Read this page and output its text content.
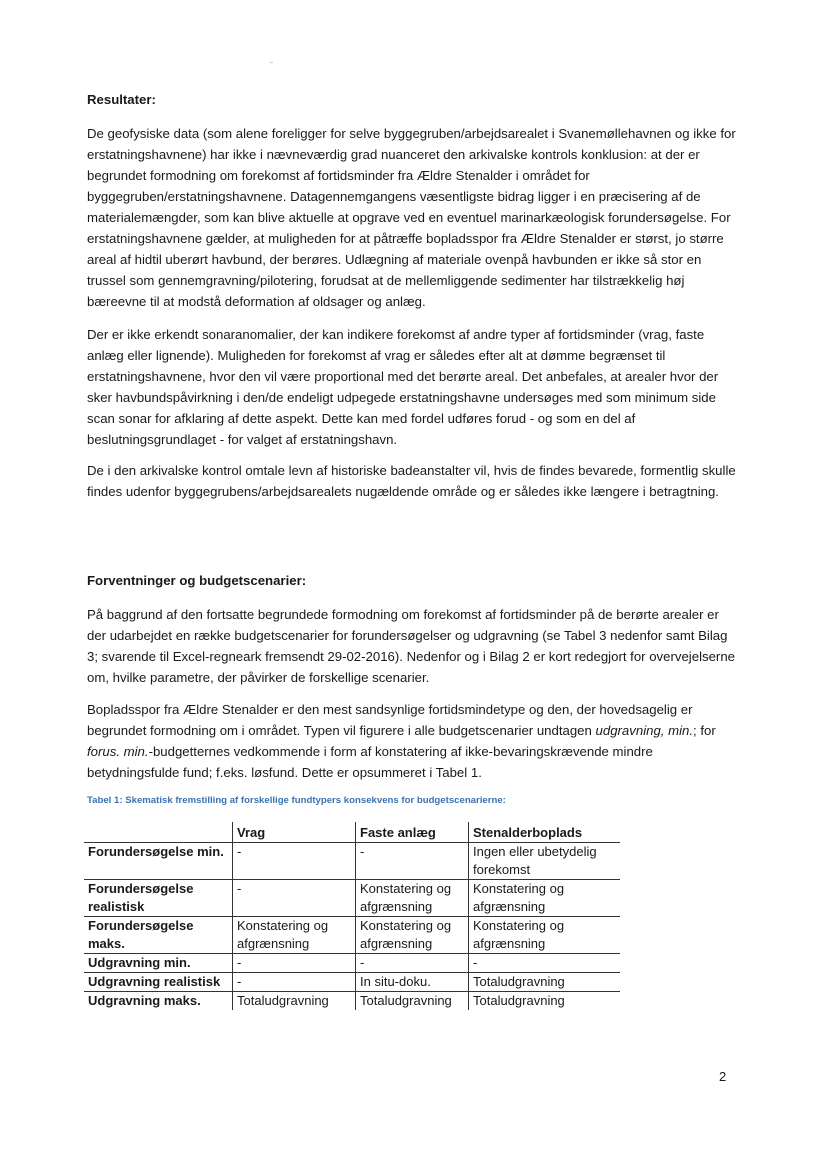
Resultater:

De geofysiske data (som alene foreligger for selve byggegruben/arbejdsarealet i Svanemøllehavnen og ikke for erstatningshavnene) har ikke i nævneværdig grad nuanceret den arkivalske kontrols konklusion: at der er begrundet formodning om forekomst af fortidsminder fra Ældre Stenalder i området for byggegruben/erstatningshavnene. Datagennemgangens væsentligste bidrag ligger i en præcisering af de materialemængder, som kan blive aktuelle at opgrave ved en eventuel marinarkæologisk forundersøgelse. For erstatningshavnene gælder, at muligheden for at påtræffe bopladsspor fra Ældre Stenalder er størst, jo større areal af hidtil uberørt havbund, der berøres. Udlægning af materiale ovenpå havbunden er ikke så stor en trussel som gennemgravning/pilotering, forudsat at de mellemliggende sedimenter har tilstrækkelig høj bæreevne til at modstå deformation af oldsager og anlæg.

Der er ikke erkendt sonaranomalier, der kan indikere forekomst af andre typer af fortidsminder (vrag, faste anlæg eller lignende). Muligheden for forekomst af vrag er således efter alt at dømme begrænset til erstatningshavnene, hvor den vil være proportional med det berørte areal. Det anbefales, at arealer hvor der sker havbundspåvirkning i den/de endeligt udpegede erstatningshavne undersøges med som minimum side scan sonar for afklaring af dette aspekt. Dette kan med fordel udføres forud - og som en del af beslutningsgrundlaget - for valget af erstatningshavn.

De i den arkivalske kontrol omtale levn af historiske badeanstalter vil, hvis de findes bevarede, formentlig skulle findes udenfor byggegrubens/arbejdsarealets nugældende område og er således ikke længere i betragtning.

Forventninger og budgetscenarier:

På baggrund af den fortsatte begrundede formodning om forekomst af fortidsminder på de berørte arealer er der udarbejdet en række budgetscenarier for forundersøgelser og udgravning (se Tabel 3 nedenfor samt Bilag 3; svarende til Excel-regneark fremsendt 29-02-2016). Nedenfor og i Bilag 2 er kort redegjort for overvejelserne om, hvilke parametre, der påvirker de forskellige scenarier.

Bopladsspor fra Ældre Stenalder er den mest sandsynlige fortidsmindetype og den, der hovedsagelig er begrundet formodning om i området. Typen vil figurere i alle budgetscenarier undtagen udgravning, min.; for forus. min.-budgetternes vedkommende i form af konstatering af ikke-bevaringskrævende mindre betydningsfulde fund; f.eks. løsfund. Dette er opsummeret i Tabel 1.

Tabel 1: Skematisk fremstilling af forskellige fundtypers konsekvens for budgetscenarierne:

	Vrag	Faste anlæg	Stenalderboplads
Forundersøgelse min.	-	-	Ingen eller ubetydelig forekomst
Forundersøgelse realistisk	-	Konstatering og afgrænsning	Konstatering og afgrænsning
Forundersøgelse maks.	Konstatering og afgrænsning	Konstatering og afgrænsning	Konstatering og afgrænsning
Udgravning min.	-	-	-
Udgravning realistisk	-	In situ-doku.	Totaludgravning
Udgravning maks.	Totaludgravning	Totaludgravning	Totaludgravning
2
